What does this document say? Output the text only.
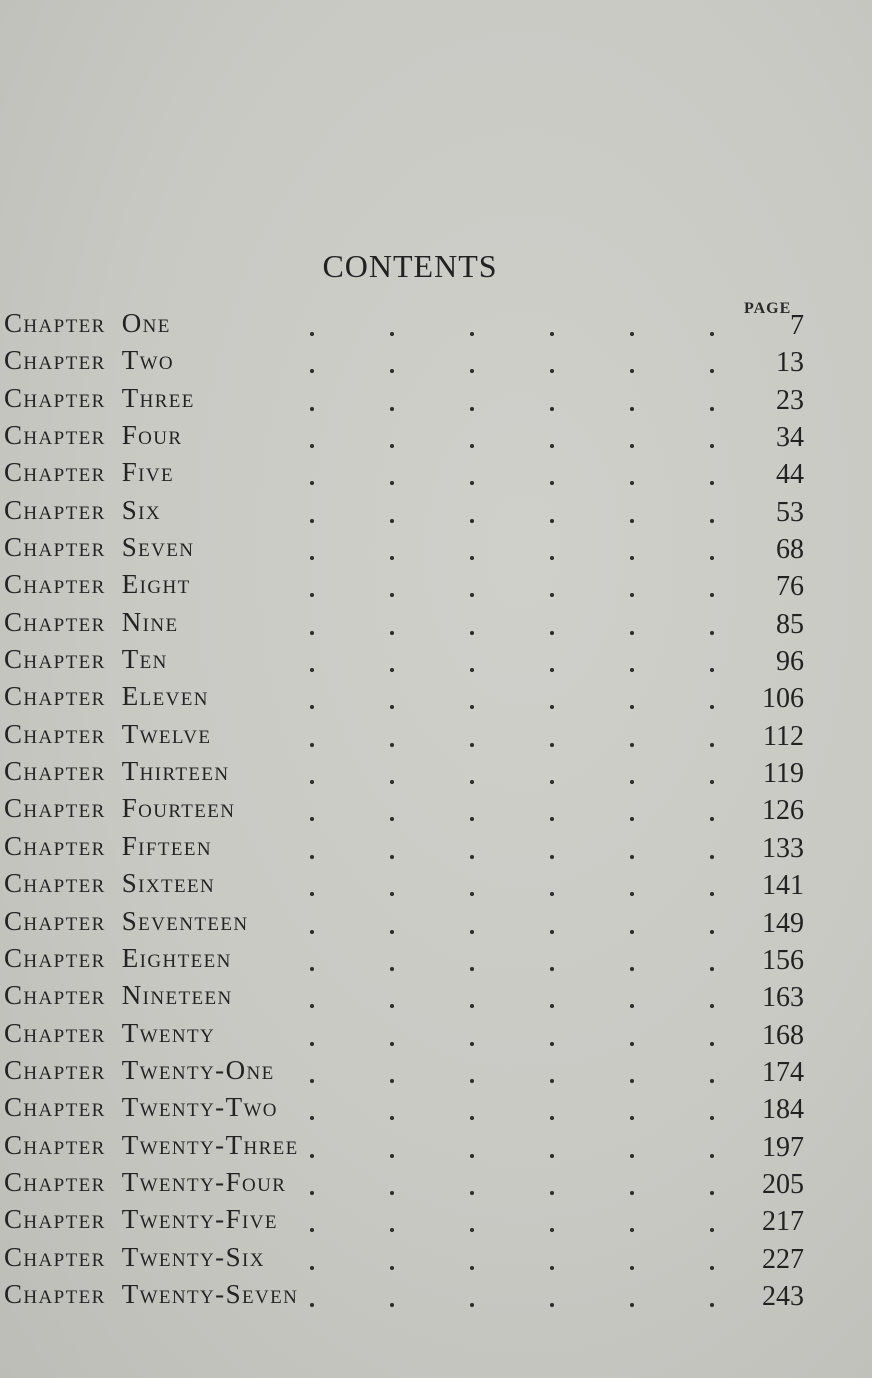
CONTENTS
PAGE
Chapter One	7
Chapter Two	13
Chapter Three	23
Chapter Four	34
Chapter Five	44
Chapter Six	53
Chapter Seven	68
Chapter Eight	76
Chapter Nine	85
Chapter Ten	96
Chapter Eleven	106
Chapter Twelve	112
Chapter Thirteen	119
Chapter Fourteen	126
Chapter Fifteen	133
Chapter Sixteen	141
Chapter Seventeen	149
Chapter Eighteen	156
Chapter Nineteen	163
Chapter Twenty	168
Chapter Twenty-One	174
Chapter Twenty-Two	184
Chapter Twenty-Three	197
Chapter Twenty-Four	205
Chapter Twenty-Five	217
Chapter Twenty-Six	227
Chapter Twenty-Seven	243
